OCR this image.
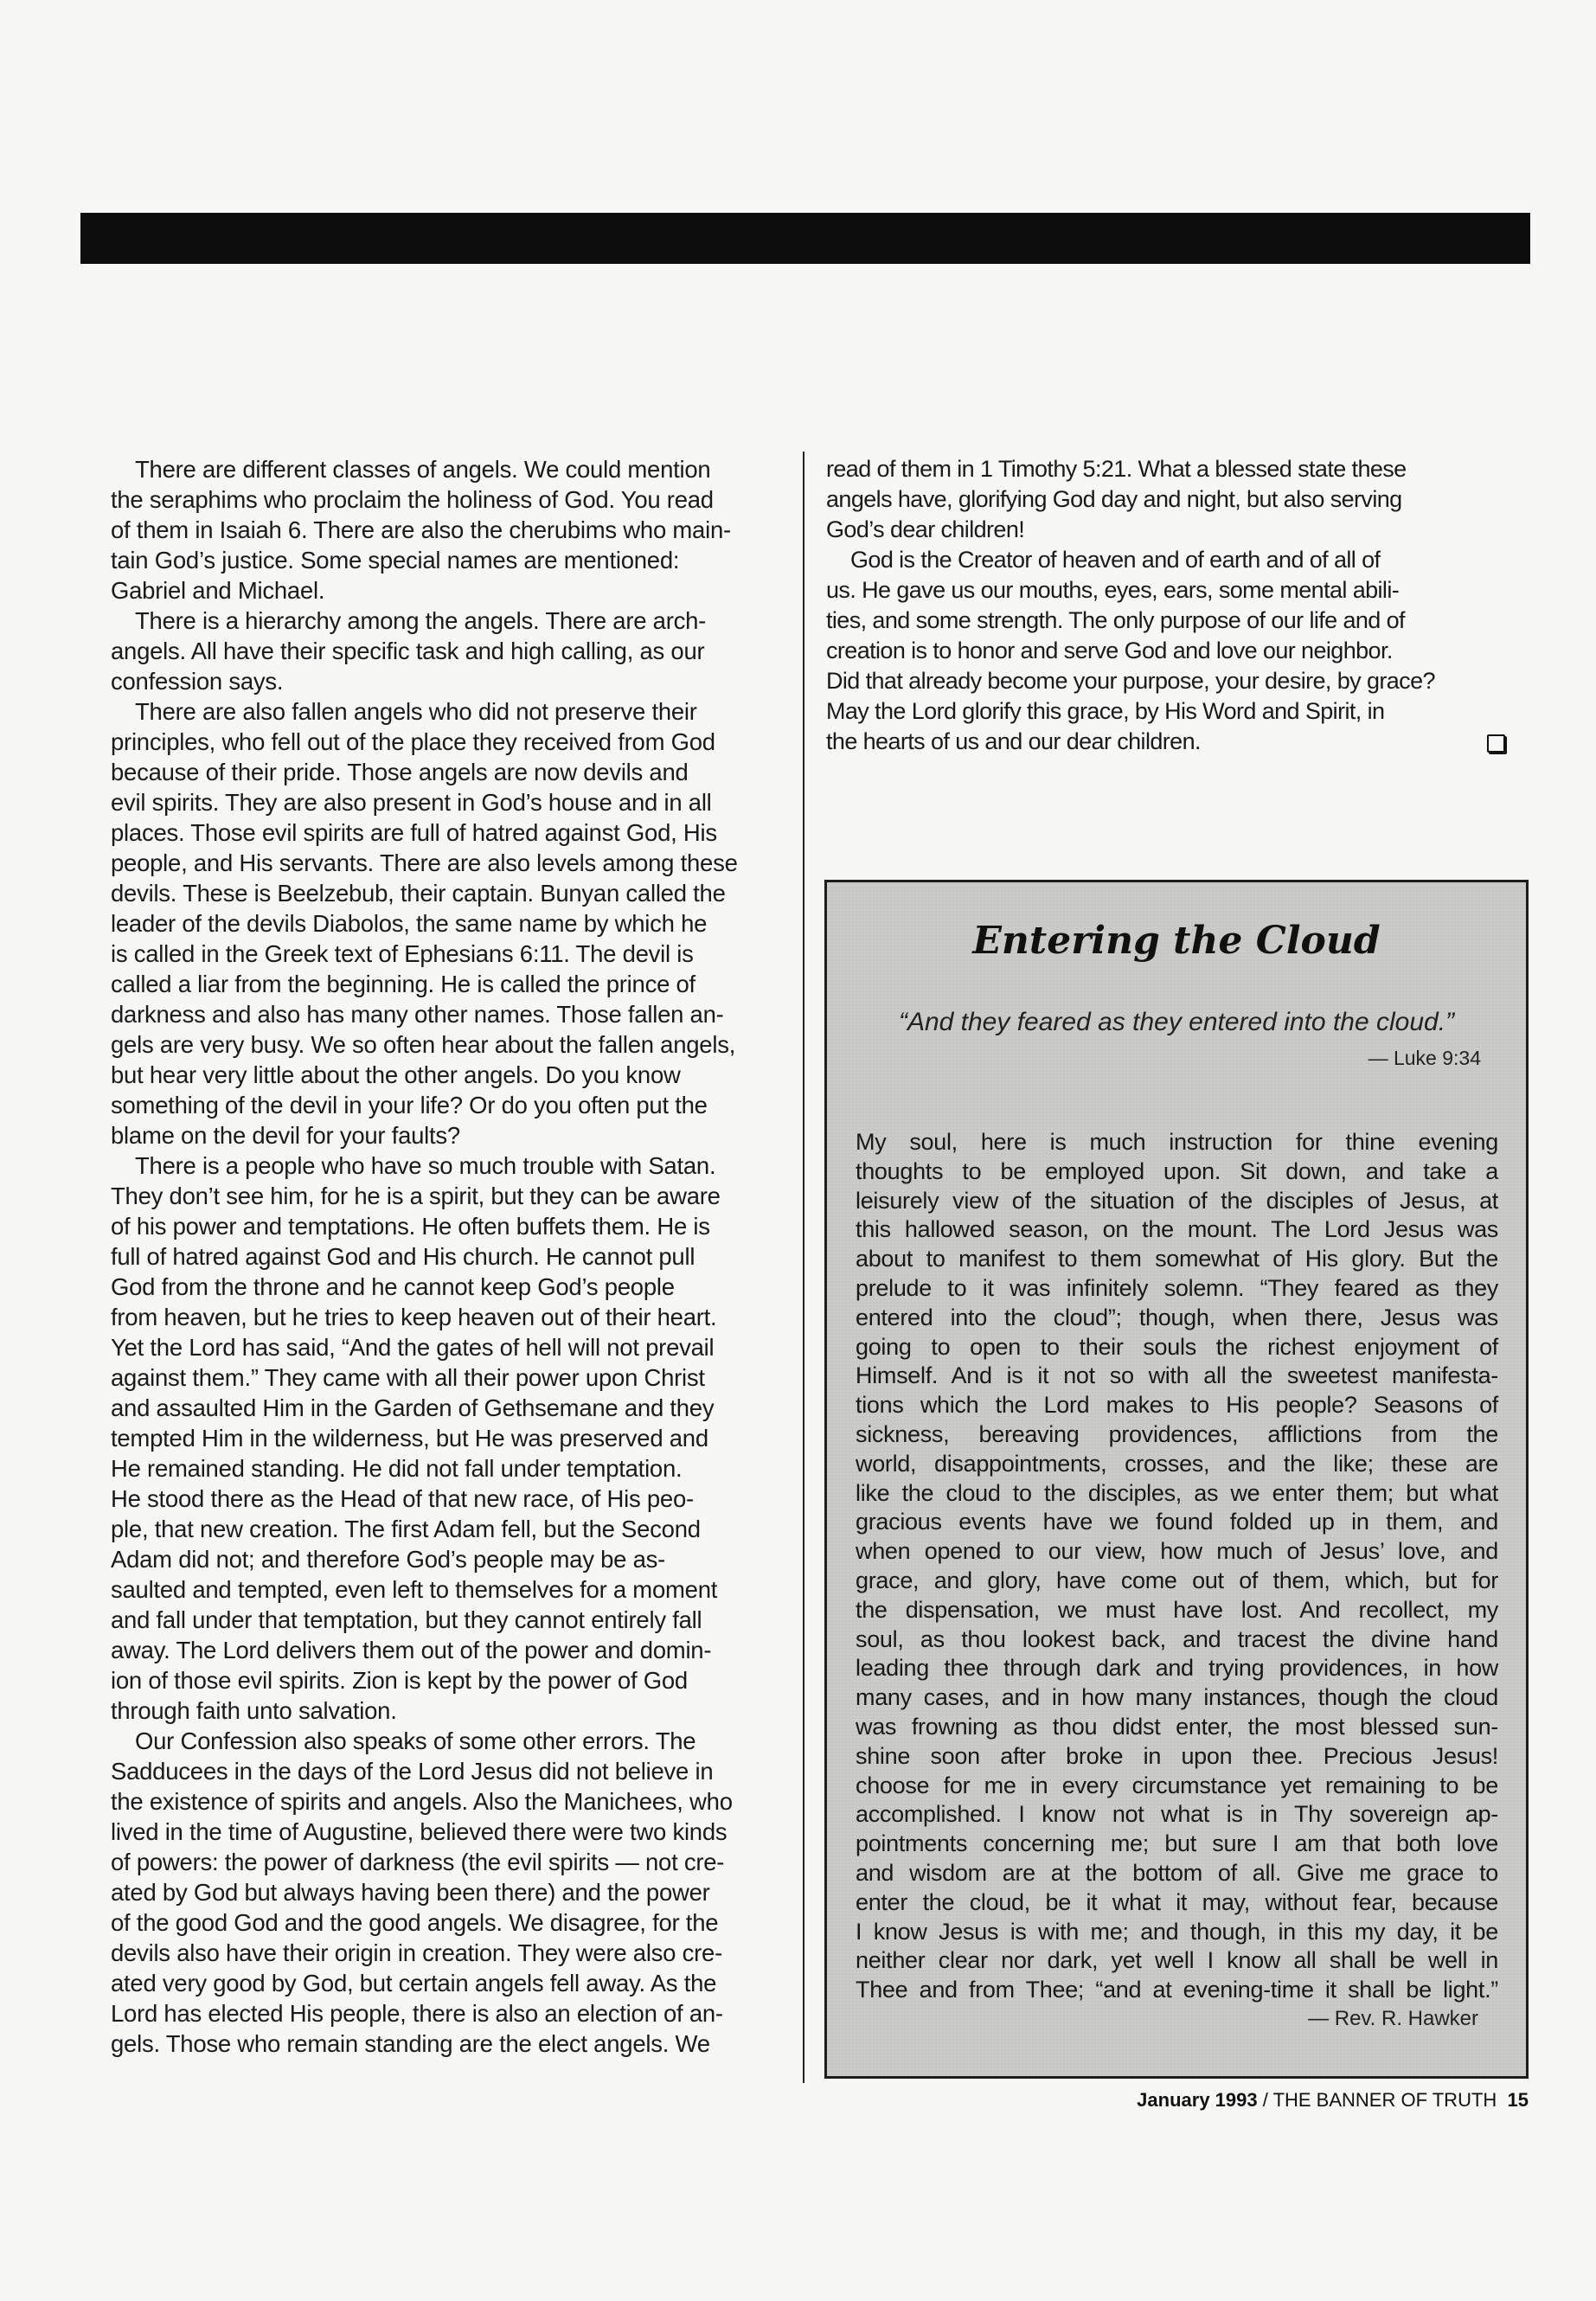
There are different classes of angels. We could mention
the seraphims who proclaim the holiness of God. You read
of them in Isaiah 6. There are also the cherubims who main-
tain God’s justice. Some special names are mentioned:
Gabriel and Michael.
There is a hierarchy among the angels. There are arch-
angels. All have their specific task and high calling, as our
confession says.
There are also fallen angels who did not preserve their
principles, who fell out of the place they received from God
because of their pride. Those angels are now devils and
evil spirits. They are also present in God’s house and in all
places. Those evil spirits are full of hatred against God, His
people, and His servants. There are also levels among these
devils. These is Beelzebub, their captain. Bunyan called the
leader of the devils Diabolos, the same name by which he
is called in the Greek text of Ephesians 6:11. The devil is
called a liar from the beginning. He is called the prince of
darkness and also has many other names. Those fallen an-
gels are very busy. We so often hear about the fallen angels,
but hear very little about the other angels. Do you know
something of the devil in your life? Or do you often put the
blame on the devil for your faults?
There is a people who have so much trouble with Satan.
They don’t see him, for he is a spirit, but they can be aware
of his power and temptations. He often buffets them. He is
full of hatred against God and His church. He cannot pull
God from the throne and he cannot keep God’s people
from heaven, but he tries to keep heaven out of their heart.
Yet the Lord has said, “And the gates of hell will not prevail
against them.” They came with all their power upon Christ
and assaulted Him in the Garden of Gethsemane and they
tempted Him in the wilderness, but He was preserved and
He remained standing. He did not fall under temptation.
He stood there as the Head of that new race, of His peo-
ple, that new creation. The first Adam fell, but the Second
Adam did not; and therefore God’s people may be as-
saulted and tempted, even left to themselves for a moment
and fall under that temptation, but they cannot entirely fall
away. The Lord delivers them out of the power and domin-
ion of those evil spirits. Zion is kept by the power of God
through faith unto salvation.
Our Confession also speaks of some other errors. The
Sadducees in the days of the Lord Jesus did not believe in
the existence of spirits and angels. Also the Manichees, who
lived in the time of Augustine, believed there were two kinds
of powers: the power of darkness (the evil spirits — not cre-
ated by God but always having been there) and the power
of the good God and the good angels. We disagree, for the
devils also have their origin in creation. They were also cre-
ated very good by God, but certain angels fell away. As the
Lord has elected His people, there is also an election of an-
gels. Those who remain standing are the elect angels. We
read of them in 1 Timothy 5:21. What a blessed state these
angels have, glorifying God day and night, but also serving
God’s dear children!
God is the Creator of heaven and of earth and of all of
us. He gave us our mouths, eyes, ears, some mental abili-
ties, and some strength. The only purpose of our life and of
creation is to honor and serve God and love our neighbor.
Did that already become your purpose, your desire, by grace?
May the Lord glorify this grace, by His Word and Spirit, in
the hearts of us and our dear children.
Entering the Cloud
“And they feared as they entered into the cloud.”
— Luke 9:34
My soul, here is much instruction for thine evening
thoughts to be employed upon. Sit down, and take a
leisurely view of the situation of the disciples of Jesus, at
this hallowed season, on the mount. The Lord Jesus was
about to manifest to them somewhat of His glory. But the
prelude to it was infinitely solemn. “They feared as they
entered into the cloud”; though, when there, Jesus was
going to open to their souls the richest enjoyment of
Himself. And is it not so with all the sweetest manifesta-
tions which the Lord makes to His people? Seasons of
sickness, bereaving providences, afflictions from the
world, disappointments, crosses, and the like; these are
like the cloud to the disciples, as we enter them; but what
gracious events have we found folded up in them, and
when opened to our view, how much of Jesus’ love, and
grace, and glory, have come out of them, which, but for
the dispensation, we must have lost. And recollect, my
soul, as thou lookest back, and tracest the divine hand
leading thee through dark and trying providences, in how
many cases, and in how many instances, though the cloud
was frowning as thou didst enter, the most blessed sun-
shine soon after broke in upon thee. Precious Jesus!
choose for me in every circumstance yet remaining to be
accomplished. I know not what is in Thy sovereign ap-
pointments concerning me; but sure I am that both love
and wisdom are at the bottom of all. Give me grace to
enter the cloud, be it what it may, without fear, because
I know Jesus is with me; and though, in this my day, it be
neither clear nor dark, yet well I know all shall be well in
Thee and from Thee; “and at evening-time it shall be light.”
— Rev. R. Hawker
January 1993 / THE BANNER OF TRUTH 15
